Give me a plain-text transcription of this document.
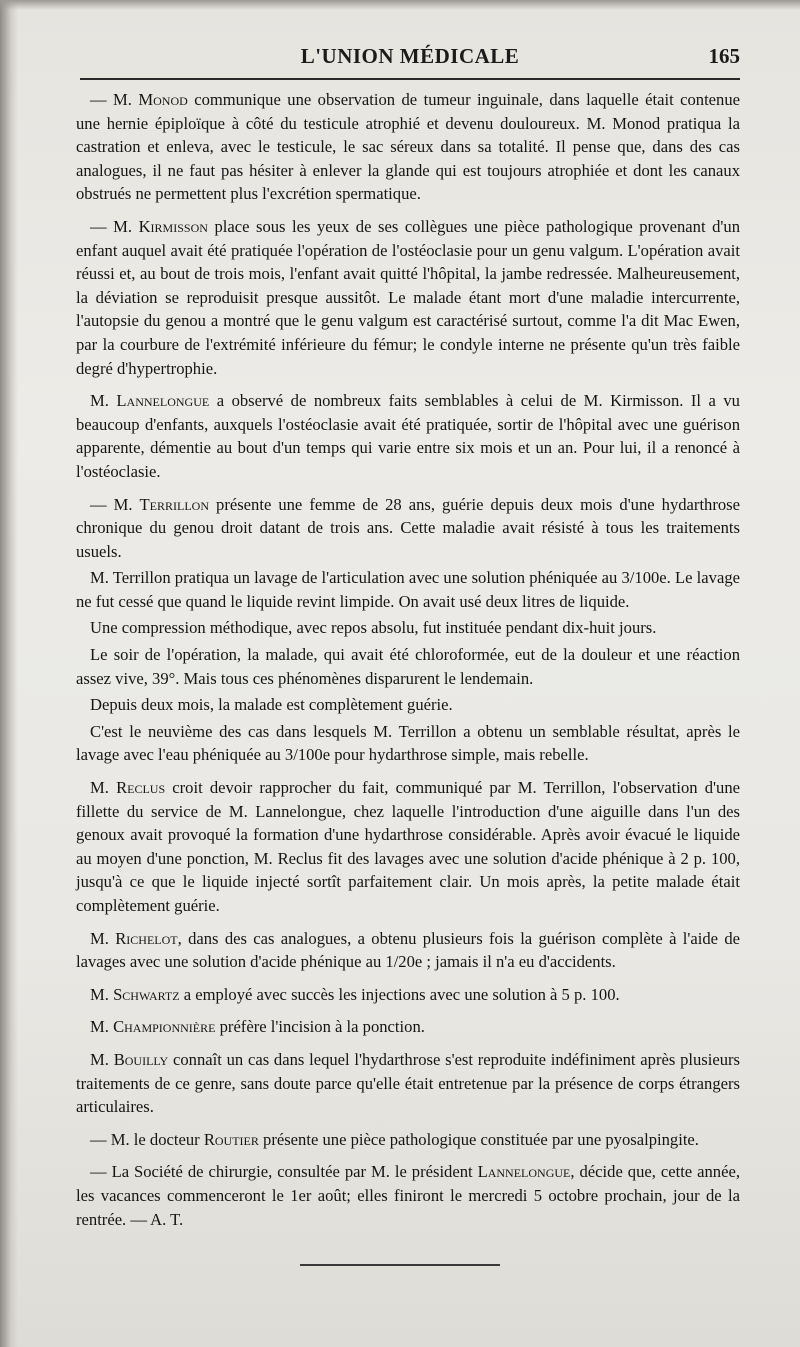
L'UNION MÉDICALE	165

— M. Monod communique une observation de tumeur inguinale, dans laquelle était contenue une hernie épiploïque à côté du testicule atrophié et devenu douloureux. M. Monod pratiqua la castration et enleva, avec le testicule, le sac séreux dans sa totalité. Il pense que, dans des cas analogues, il ne faut pas hésiter à enlever la glande qui est toujours atrophiée et dont les canaux obstrués ne permettent plus l'excrétion spermatique.

— M. Kirmisson place sous les yeux de ses collègues une pièce pathologique provenant d'un enfant auquel avait été pratiquée l'opération de l'ostéoclasie pour un genu valgum. L'opération avait réussi et, au bout de trois mois, l'enfant avait quitté l'hôpital, la jambe redressée. Malheureusement, la déviation se reproduisit presque aussitôt. Le malade étant mort d'une maladie intercurrente, l'autopsie du genou a montré que le genu valgum est caractérisé surtout, comme l'a dit Mac Ewen, par la courbure de l'extrémité inférieure du fémur; le condyle interne ne présente qu'un très faible degré d'hypertrophie.

M. Lannelongue a observé de nombreux faits semblables à celui de M. Kirmisson. Il a vu beaucoup d'enfants, auxquels l'ostéoclasie avait été pratiquée, sortir de l'hôpital avec une guérison apparente, démentie au bout d'un temps qui varie entre six mois et un an. Pour lui, il a renoncé à l'ostéoclasie.

— M. Terrillon présente une femme de 28 ans, guérie depuis deux mois d'une hydarthrose chronique du genou droit datant de trois ans. Cette maladie avait résisté à tous les traitements usuels.

M. Terrillon pratiqua un lavage de l'articulation avec une solution phéniquée au 3/100e. Le lavage ne fut cessé que quand le liquide revint limpide. On avait usé deux litres de liquide.

Une compression méthodique, avec repos absolu, fut instituée pendant dix-huit jours.

Le soir de l'opération, la malade, qui avait été chloroformée, eut de la douleur et une réaction assez vive, 39°. Mais tous ces phénomènes disparurent le lendemain.

Depuis deux mois, la malade est complètement guérie.

C'est le neuvième des cas dans lesquels M. Terrillon a obtenu un semblable résultat, après le lavage avec l'eau phéniquée au 3/100e pour hydarthrose simple, mais rebelle.

M. Reclus croit devoir rapprocher du fait, communiqué par M. Terrillon, l'observation d'une fillette du service de M. Lannelongue, chez laquelle l'introduction d'une aiguille dans l'un des genoux avait provoqué la formation d'une hydarthrose considérable. Après avoir évacué le liquide au moyen d'une ponction, M. Reclus fit des lavages avec une solution d'acide phénique à 2 p. 100, jusqu'à ce que le liquide injecté sortît parfaitement clair. Un mois après, la petite malade était complètement guérie.

M. Richelot, dans des cas analogues, a obtenu plusieurs fois la guérison complète à l'aide de lavages avec une solution d'acide phénique au 1/20e ; jamais il n'a eu d'accidents.

M. Schwartz a employé avec succès les injections avec une solution à 5 p. 100.

M. Championnière préfère l'incision à la ponction.

M. Bouilly connaît un cas dans lequel l'hydarthrose s'est reproduite indéfiniment après plusieurs traitements de ce genre, sans doute parce qu'elle était entretenue par la présence de corps étrangers articulaires.

— M. le docteur Routier présente une pièce pathologique constituée par une pyosalpingite.

— La Société de chirurgie, consultée par M. le président Lannelongue, décide que, cette année, les vacances commenceront le 1er août; elles finiront le mercredi 5 octobre prochain, jour de la rentrée. — A. T.
